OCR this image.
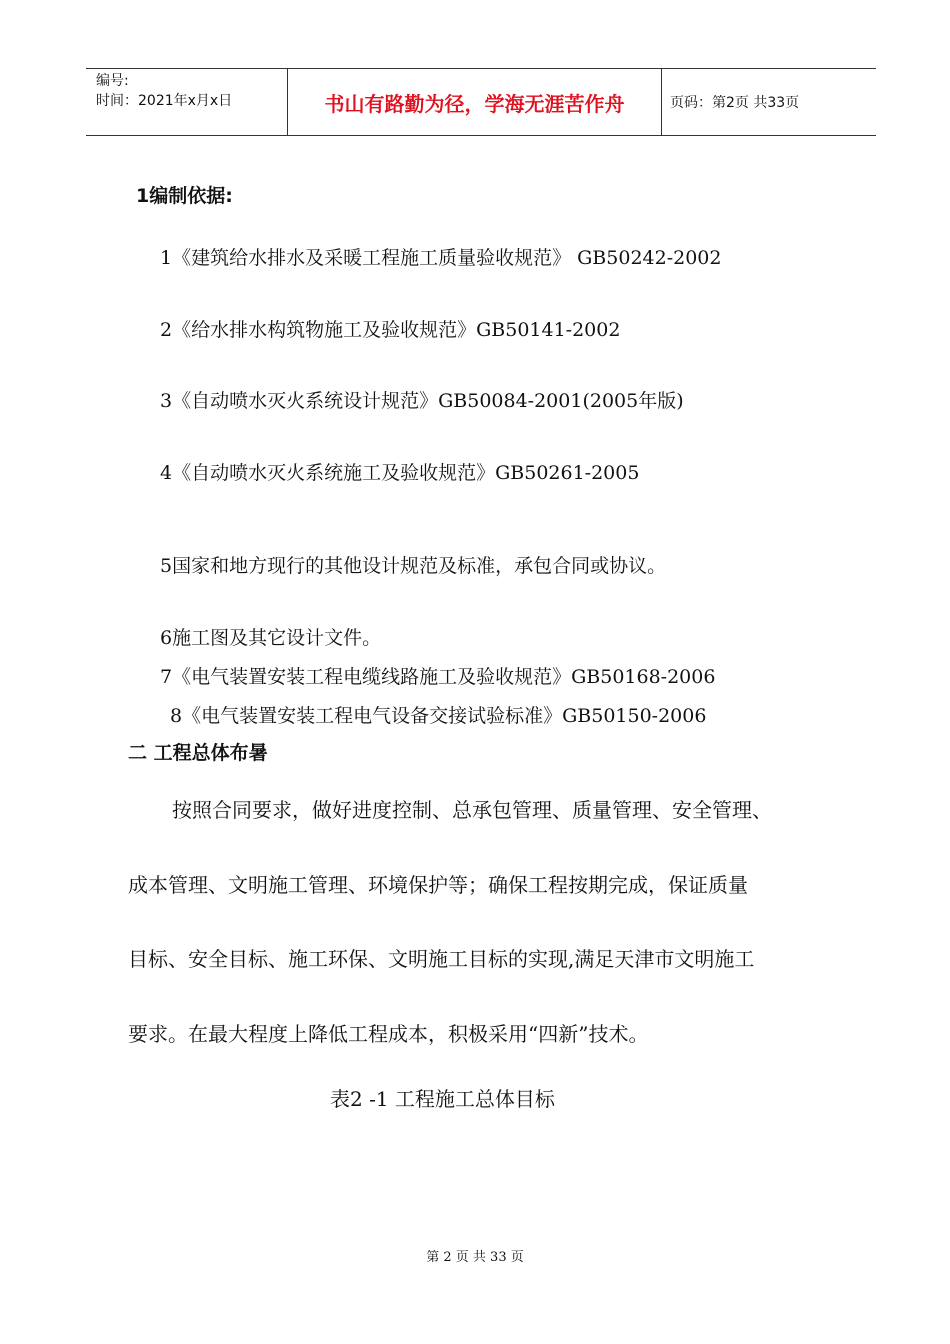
编号:
时间：2021年x月x日	书山有路勤为径，学海无涯苦作舟	页码：第2页 共33页
1编制依据:
1《建筑给水排水及采暖工程施工质量验收规范》 GB50242-2002
2《给水排水构筑物施工及验收规范》GB50141-2002
3《自动喷水灭火系统设计规范》GB50084-2001(2005年版)
4《自动喷水灭火系统施工及验收规范》GB50261-2005
5国家和地方现行的其他设计规范及标准，承包合同或协议。
6施工图及其它设计文件。
7《电气装置安装工程电缆线路施工及验收规范》GB50168-2006
8《电气装置安装工程电气设备交接试验标准》GB50150-2006
二 工程总体布暑
按照合同要求，做好进度控制、总承包管理、质量管理、安全管理、
成本管理、文明施工管理、环境保护等；确保工程按期完成，保证质量
目标、安全目标、施工环保、文明施工目标的实现,满足天津市文明施工
要求。在最大程度上降低工程成本，积极采用“四新”技术。
表2 -1 工程施工总体目标
第 2 页 共 33 页
